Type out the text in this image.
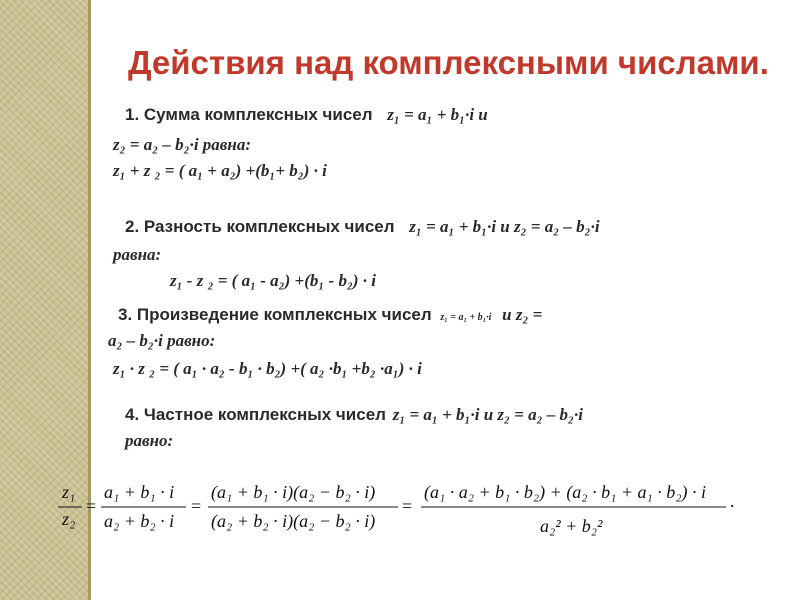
Действия над комплексными числами.
1. Сумма комплексных чисел z₁ = a₁ + b₁·i и
z₂ = a₂ – b₂·i равна:
z₁ + z ₂ = ( a₁ + a₂) +(b₁+ b₂) · i
2. Разность комплексных чисел z₁ = a₁ + b₁·i и z₂ = a₂ – b₂·i
равна:
z₁ - z ₂ = ( a₁ - a₂) +(b₁ - b₂) · i
3. Произведение комплексных чисел z₁ = a₁ + b₁·i и z₂ =
a₂ – b₂·i равно:
z₁ · z ₂ = ( a₁ · a₂ - b₁ · b₂) +( a₂ ·b₁ +b₂ ·a₁) · i
4. Частное комплексных чисел z₁ = a₁ + b₁·i и z₂ = a₂ – b₂·i
равно:
z₁
z₂
=
a₁ + b₁ · i
a₂ + b₂ · i
=
(a₁ + b₁ · i)(a₂ − b₂ · i)
(a₂ + b₂ · i)(a₂ − b₂ · i)
=
(a₁ · a₂ + b₁ · b₂) + (a₂ · b₁ + a₁ · b₂) · i
a₂² + b₂²
.
